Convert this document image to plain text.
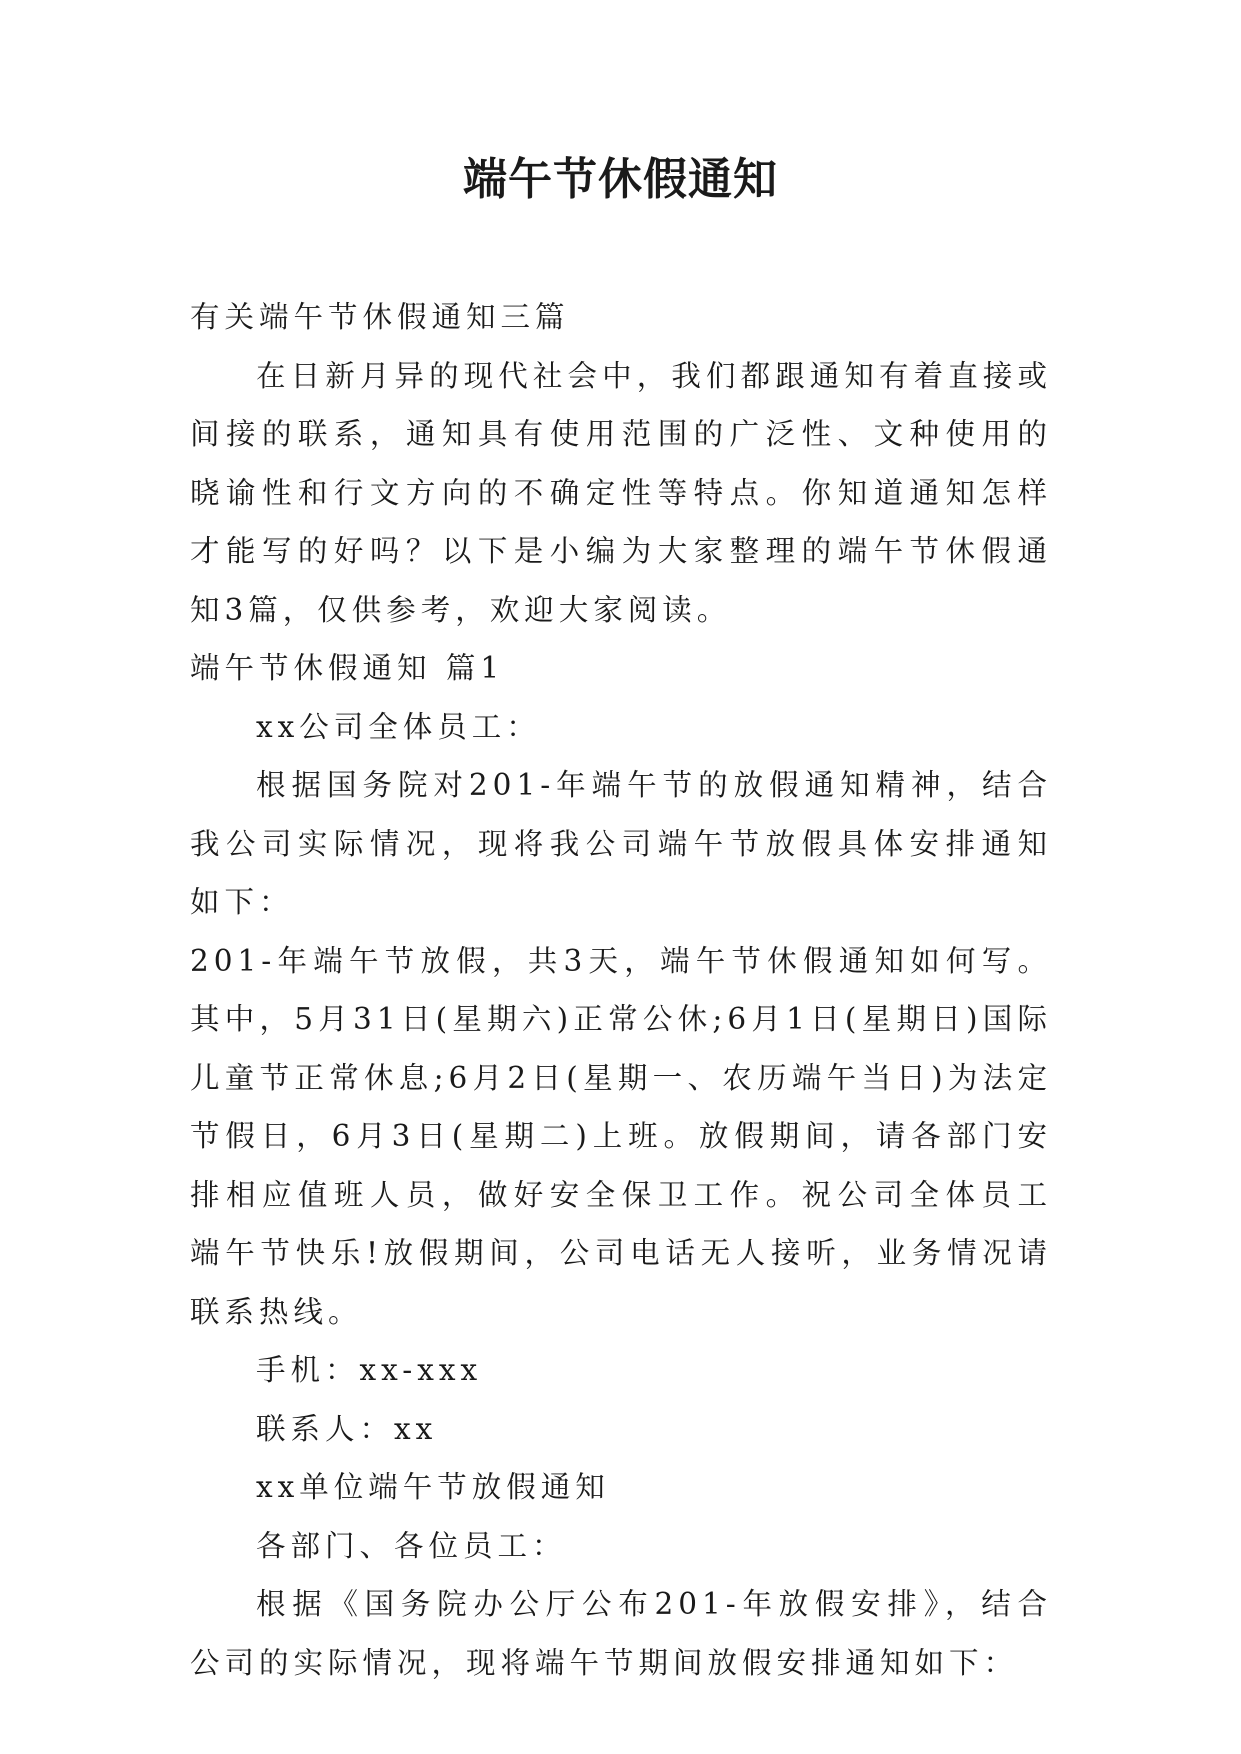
端午节休假通知

有关端午节休假通知三篇

在日新月异的现代社会中，我们都跟通知有着直接或间接的联系，通知具有使用范围的广泛性、文种使用的晓谕性和行文方向的不确定性等特点。你知道通知怎样才能写的好吗？以下是小编为大家整理的端午节休假通知3篇，仅供参考，欢迎大家阅读。

端午节休假通知 篇1

xx公司全体员工：

根据国务院对201-年端午节的放假通知精神，结合我公司实际情况，现将我公司端午节放假具体安排通知如下：

201-年端午节放假，共3天，端午节休假通知如何写。其中，5月31日(星期六)正常公休;6月1日(星期日)国际儿童节正常休息;6月2日(星期一、农历端午当日)为法定节假日，6月3日(星期二)上班。放假期间，请各部门安排相应值班人员，做好安全保卫工作。祝公司全体员工端午节快乐!放假期间，公司电话无人接听，业务情况请联系热线。

手机：xx-xxx

联系人：xx

xx单位端午节放假通知

各部门、各位员工：

根据《国务院办公厅公布201-年放假安排》，结合公司的实际情况，现将端午节期间放假安排通知如下：
